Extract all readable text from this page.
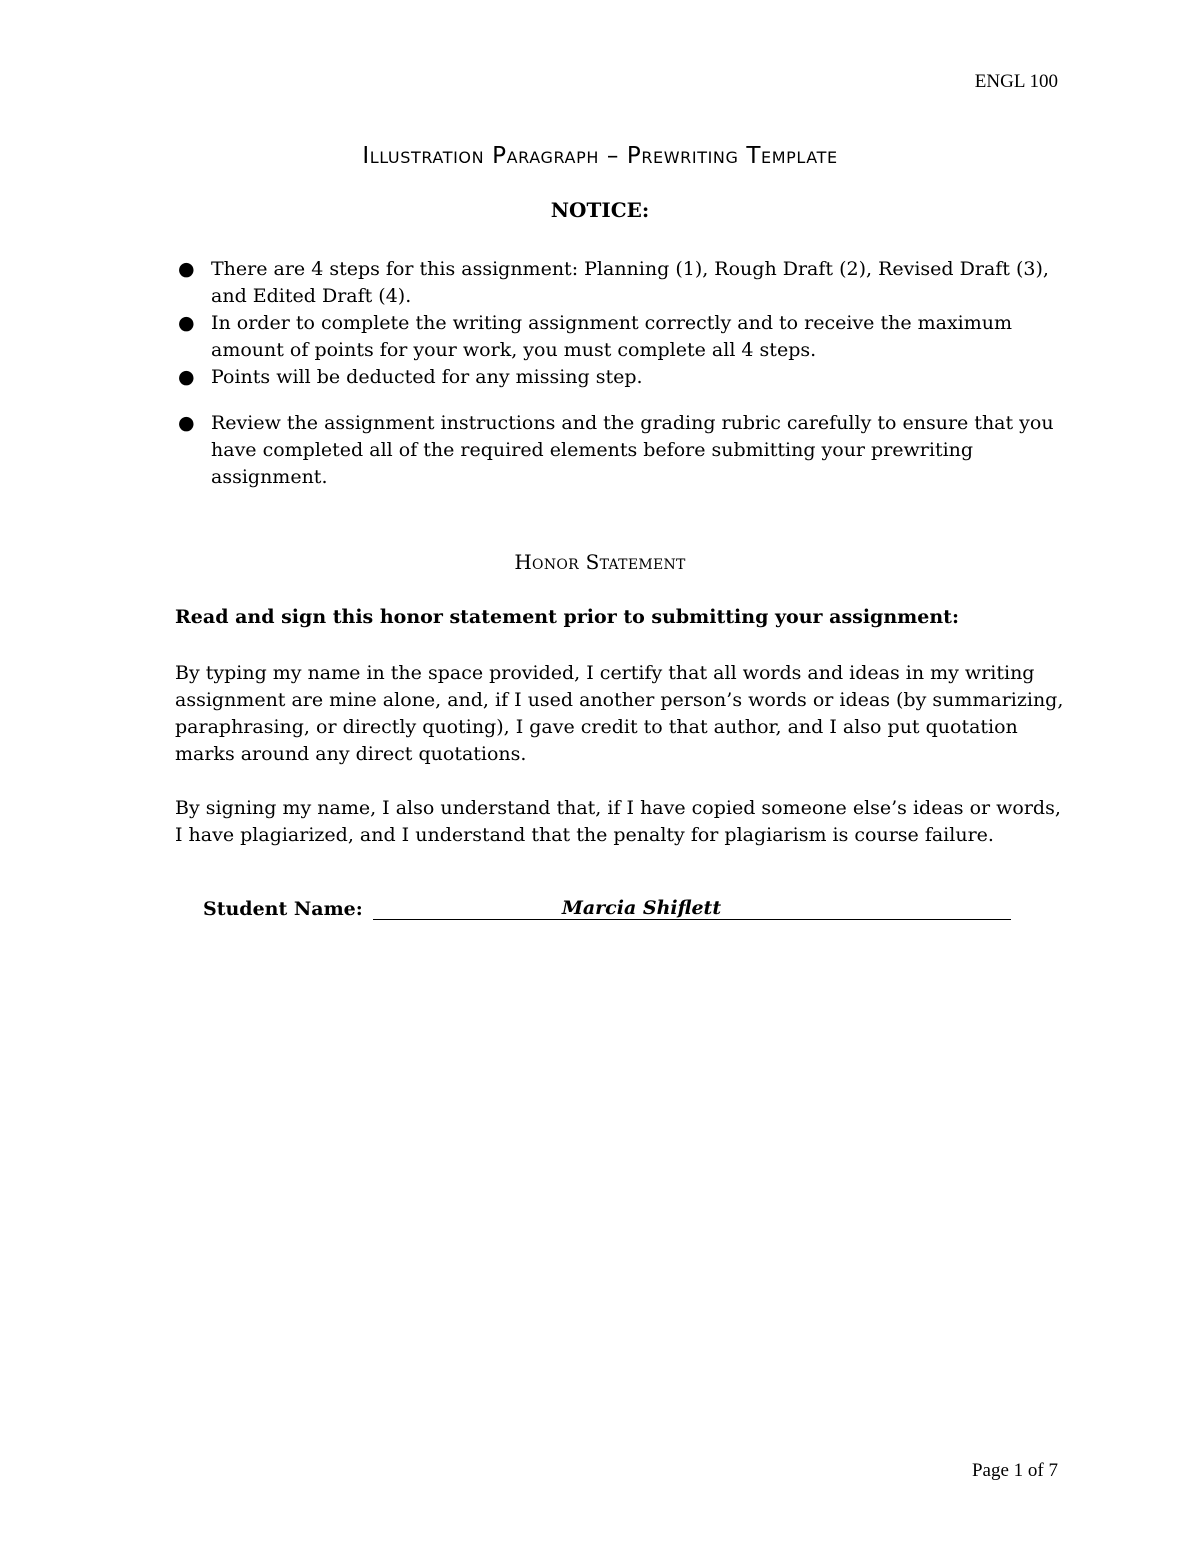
ENGL 100
Illustration Paragraph – Prewriting Template
NOTICE:
● There are 4 steps for this assignment: Planning (1), Rough Draft (2), Revised Draft (3), and Edited Draft (4).
● In order to complete the writing assignment correctly and to receive the maximum amount of points for your work, you must complete all 4 steps.
● Points will be deducted for any missing step.
● Review the assignment instructions and the grading rubric carefully to ensure that you have completed all of the required elements before submitting your prewriting assignment.
Honor Statement
Read and sign this honor statement prior to submitting your assignment:

By typing my name in the space provided, I certify that all words and ideas in my writing assignment are mine alone, and, if I used another person’s words or ideas (by summarizing, paraphrasing, or directly quoting), I gave credit to that author, and I also put quotation marks around any direct quotations.

By signing my name, I also understand that, if I have copied someone else’s ideas or words, I have plagiarized, and I understand that the penalty for plagiarism is course failure.

Student Name:	Marcia Shiflett
Page 1 of 7
